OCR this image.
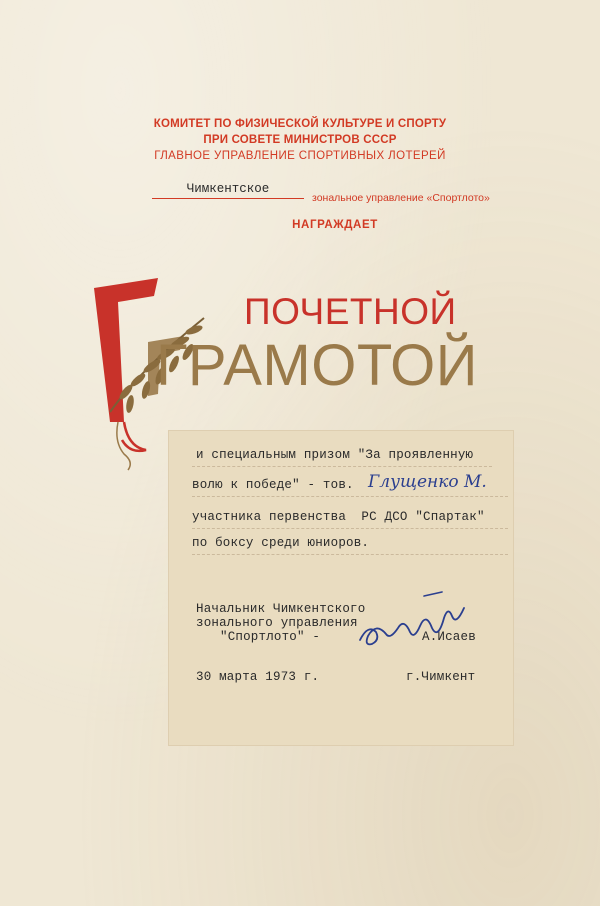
КОМИТЕТ ПО ФИЗИЧЕСКОЙ КУЛЬТУРЕ И СПОРТУ
ПРИ СОВЕТЕ МИНИСТРОВ СССР
ГЛАВНОЕ УПРАВЛЕНИЕ СПОРТИВНЫХ ЛОТЕРЕЙ
Чимкентское
зональное управление «Спортлото»
НАГРАЖДАЕТ
ПОЧЕТНОЙ
ГРАМОТОЙ
и специальным призом "За проявленную
волю к победе" - тов. Глущенко М.
участника первенства  РС ДСО "Спартак"
по боксу среди юниоров.
Начальник Чимкентского
зонального управления
"Спортлото" -	А.Исаев
30 марта 1973 г.	г.Чимкент
